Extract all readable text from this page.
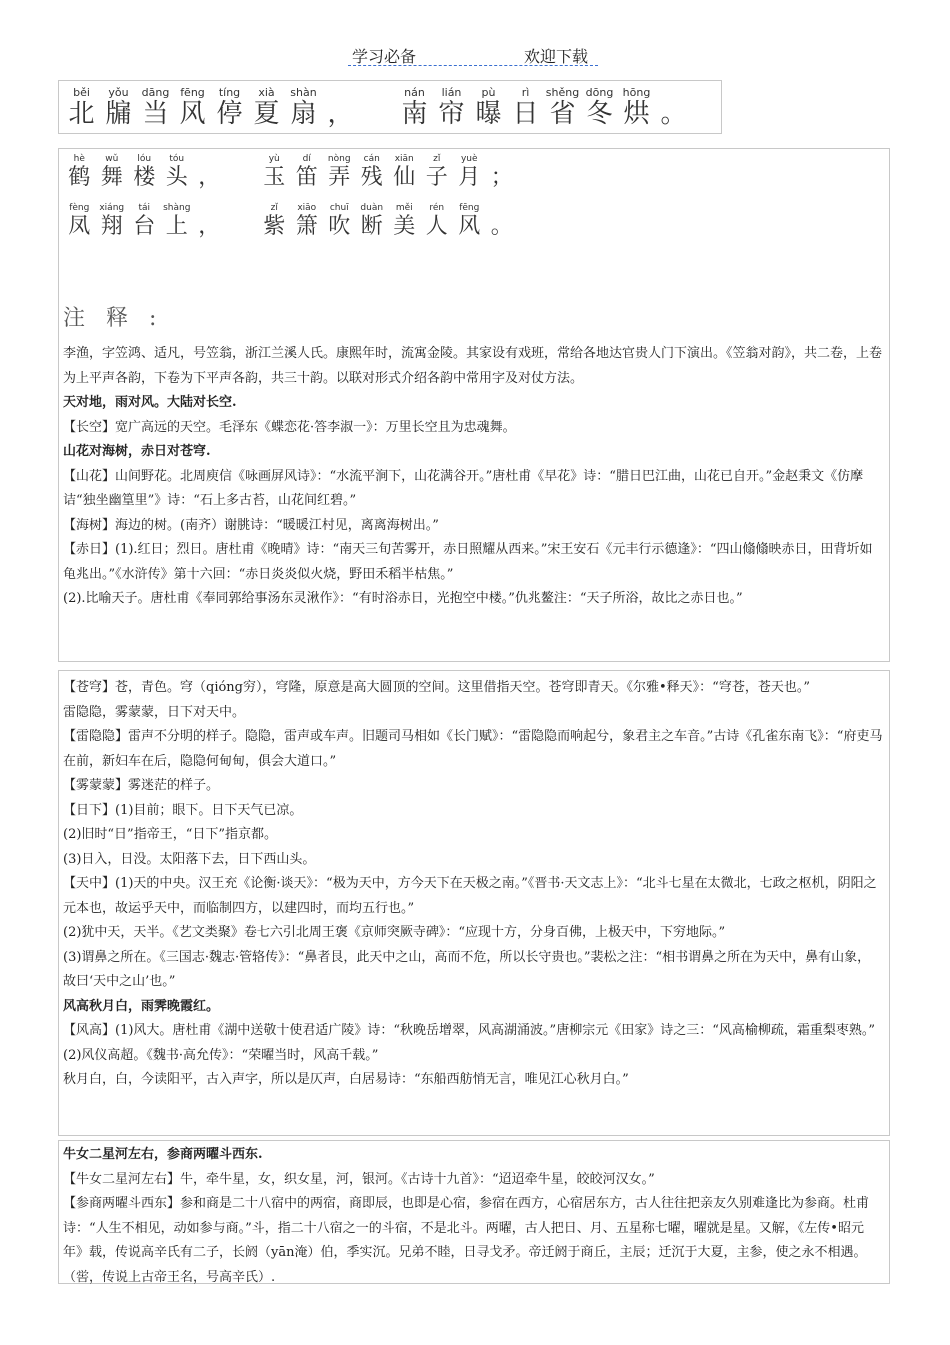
学习必备	欢迎下载
běi
北
yǒu
牖
dāng
当
fēng
风
tíng
停
xià
夏
shàn
扇 ，
nán
南
lián
帘
pù
曝
rì
日
shěng
省
dōng
冬
hōng
烘 。
hè
鹤
wǔ
舞
lóu
楼
tóu
头 ，
yù
玉
dí
笛
nòng
弄
cán
残
xiān
仙
zǐ
子
yuè
月 ；
fèng
凤
xiáng
翔
tái
台
shàng
上 ，
zǐ
紫
xiāo
箫
chuī
吹
duàn
断
měi
美
rén
人
fēng
风 。
注 释 :

李渔，字笠鸿、适凡，号笠翁，浙江兰溪人氏。康熙年时，流寓金陵。其家设有戏班，常给各地达官贵人门下演出。《笠翁对韵》，共二卷，上卷为上平声各韵，下卷为下平声各韵，共三十韵。以联对形式介绍各韵中常用字及对仗方法。

天对地，雨对风。大陆对长空.

【长空】宽广高远的天空。毛泽东《蝶恋花·答李淑一》：万里长空且为忠魂舞。

山花对海树，赤日对苍穹.

【山花】山间野花。北周庾信《咏画屏风诗》：“水流平涧下，山花满谷开。”唐杜甫《早花》诗：“腊日巴江曲，山花已自开。”金赵秉文《仿摩诘“独坐幽篁里”》诗：“石上多古苔，山花间红碧。”

【海树】海边的树。(南齐）谢朓诗：“暖暖江村见，离离海树出。”

【赤日】(1).红日；烈日。唐杜甫《晚晴》诗：“南天三旬苦雾开，赤日照耀从西来。”宋王安石《元丰行示德逢》：“四山翛翛映赤日，田背圻如龟兆出。”《水浒传》第十六回：“赤日炎炎似火烧，野田禾稻半枯焦。”

(2).比喻天子。唐杜甫《奉同郭给事汤东灵湫作》：“有时浴赤日，光抱空中楼。”仇兆鳌注：“天子所浴，故比之赤日也。”

【苍穹】苍，青色。穹（qióng穷），穹隆，原意是高大圆顶的空间。这里借指天空。苍穹即青天。《尔雅•释天》：“穹苍，苍天也。”

雷隐隐，雾蒙蒙，日下对天中。

【雷隐隐】雷声不分明的样子。隐隐，雷声或车声。旧题司马相如《长门赋》：“雷隐隐而响起兮，象君主之车音。”古诗《孔雀东南飞》：“府吏马在前，新妇车在后，隐隐何甸甸，俱会大道口。”

【雾蒙蒙】雾迷茫的样子。

【日下】(1)目前；眼下。日下天气已凉。

(2)旧时“日”指帝王，“日下”指京都。

(3)日入，日没。太阳落下去，日下西山头。

【天中】(1)天的中央。汉王充《论衡·谈天》：“极为天中，方今天下在天极之南。”《晋书·天文志上》：“北斗七星在太微北，七政之枢机，阴阳之元本也，故运乎天中，而临制四方，以建四时，而均五行也。”

(2)犹中天，天半。《艺文类聚》卷七六引北周王褒《京师突厥寺碑》：“应现十方，分身百佛，上极天中，下穷地际。”

(3)谓鼻之所在。《三国志·魏志·管辂传》：“鼻者艮，此天中之山，高而不危，所以长守贵也。”裴松之注：“相书谓鼻之所在为天中，鼻有山象，故曰‘天中之山’也。”

风高秋月白，雨霁晚霞红。

【风高】(1)风大。唐杜甫《湖中送敬十使君适广陵》诗：“秋晚岳增翠，风高湖涌波。”唐柳宗元《田家》诗之三：“风高榆柳疏，霜重梨枣熟。”

(2)风仪高超。《魏书·高允传》：“荣曜当时，风高千载。”

秋月白，白，今读阳平，古入声字，所以是仄声，白居易诗：“东船西舫悄无言，唯见江心秋月白。”

牛女二星河左右，参商两曜斗西东.

【牛女二星河左右】牛，牵牛星，女，织女星，河，银河。《古诗十九首》：“迢迢牵牛星，皎皎河汉女。”

【参商两曜斗西东】参和商是二十八宿中的两宿，商即辰，也即是心宿，参宿在西方，心宿居东方，古人往往把亲友久别难逢比为参商。杜甫诗：“人生不相见，动如参与商。”斗，指二十八宿之一的斗宿，不是北斗。两曜，古人把日、月、五星称七曜，曜就是星。又解，《左传•昭元年》载，传说高辛氏有二子，长阏（yān淹）伯，季实沉。兄弟不睦，日寻戈矛。帝迁阏于商丘，主辰；迁沉于大夏，主参，使之永不相遇。（喾，传说上古帝王名，号高辛氏）.
